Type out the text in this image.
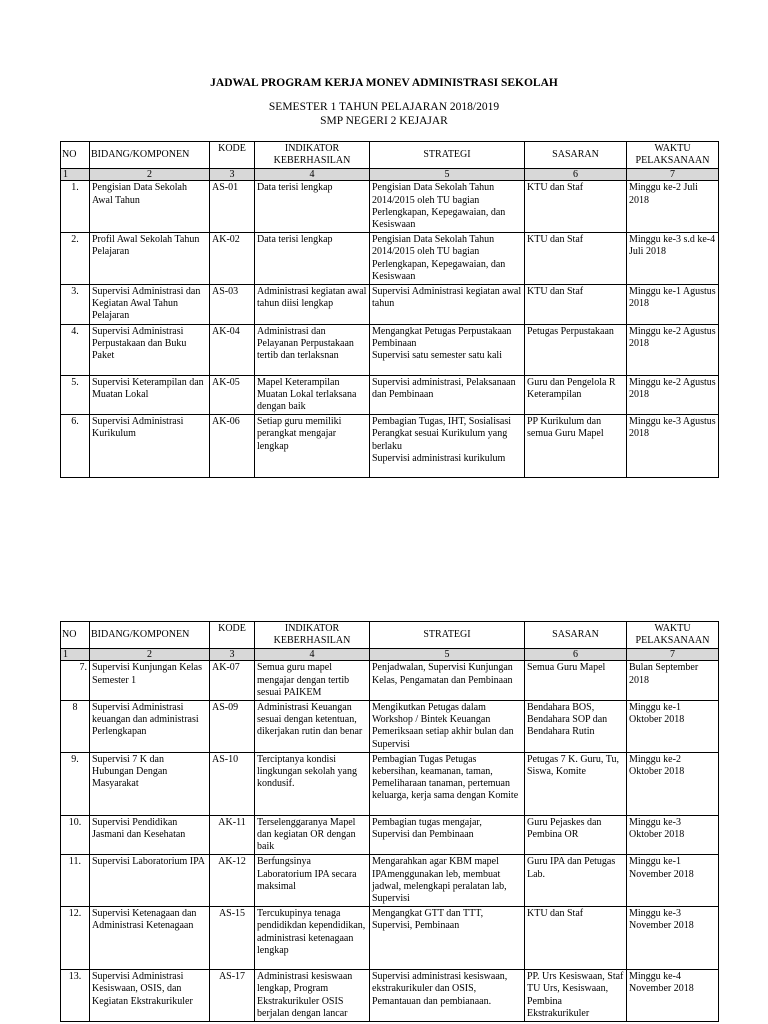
JADWAL PROGRAM KERJA MONEV ADMINISTRASI SEKOLAH
SEMESTER 1 TAHUN PELAJARAN 2018/2019
SMP NEGERI 2 KEJAJAR
NO	BIDANG/KOMPONEN	KODE	INDIKATOR KEBERHASILAN	STRATEGI	SASARAN	WAKTU PELAKSANAAN
1	2	3	4	5	6	7
1.	Pengisian Data Sekolah Awal Tahun	AS-01	Data terisi lengkap	Pengisian Data Sekolah Tahun 2014/2015 oleh TU bagian Perlengkapan, Kepegawaian, dan Kesiswaan	KTU dan Staf	Minggu ke-2 Juli 2018
2.	Profil Awal Sekolah Tahun Pelajaran	AK-02	Data terisi lengkap	Pengisian Data Sekolah Tahun 2014/2015 oleh TU bagian Perlengkapan, Kepegawaian, dan Kesiswaan	KTU dan Staf	Minggu ke-3 s.d ke-4 Juli 2018
3.	Supervisi Administrasi dan Kegiatan Awal Tahun Pelajaran	AS-03	Administrasi kegiatan awal tahun diisi lengkap	Supervisi Administrasi kegiatan awal tahun	KTU dan Staf	Minggu ke-1 Agustus 2018
4.	Supervisi Administrasi Perpustakaan dan Buku Paket	AK-04	Administrasi dan Pelayanan Perpustakaan tertib dan terlaksnan	Mengangkat Petugas Perpustakaan
Pembinaan
Supervisi satu semester satu kali	Petugas Perpustakaan	Minggu ke-2 Agustus 2018
5.	Supervisi Keterampilan dan Muatan Lokal	AK-05	Mapel Keterampilan Muatan Lokal terlaksana dengan baik	Supervisi administrasi, Pelaksanaan dan Pembinaan	Guru dan Pengelola R Keterampilan	Minggu ke-2 Agustus 2018
6.	Supervisi Administrasi Kurikulum	AK-06	Setiap guru memiliki perangkat mengajar lengkap	Pembagian Tugas, IHT, Sosialisasi Perangkat sesuai Kurikulum yang berlaku
Supervisi administrasi kurikulum	PP Kurikulum dan semua Guru Mapel	Minggu ke-3 Agustus 2018
NO	BIDANG/KOMPONEN	KODE	INDIKATOR KEBERHASILAN	STRATEGI	SASARAN	WAKTU PELAKSANAAN
1	2	3	4	5	6	7
7.	Supervisi Kunjungan Kelas Semester 1	AK-07	Semua guru mapel mengajar dengan tertib sesuai PAIKEM	Penjadwalan, Supervisi Kunjungan Kelas, Pengamatan dan Pembinaan	Semua Guru Mapel	Bulan September 2018
8	Supervisi Administrasi keuangan dan administrasi Perlengkapan	AS-09	Administrasi Keuangan sesuai dengan ketentuan, dikerjakan rutin dan benar	Mengikutkan Petugas dalam Workshop / Bintek Keuangan
Pemeriksaan setiap akhir bulan dan Supervisi	Bendahara BOS, Bendahara SOP dan Bendahara Rutin	Minggu ke-1 Oktober 2018
9.	Supervisi 7 K dan Hubungan Dengan Masyarakat	AS-10	Terciptanya kondisi lingkungan sekolah yang kondusif.	Pembagian Tugas Petugas kebersihan, keamanan, taman, Pemeliharaan tanaman, pertemuan keluarga, kerja sama dengan Komite	Petugas 7 K. Guru, Tu, Siswa, Komite	Minggu ke-2 Oktober 2018
10.	Supervisi Pendidikan Jasmani dan Kesehatan	AK-11	Terselenggaranya Mapel dan kegiatan OR dengan baik	Pembagian tugas mengajar, Supervisi dan Pembinaan	Guru Pejaskes dan Pembina OR	Minggu ke-3 Oktober 2018
11.	Supervisi Laboratorium IPA	AK-12	Berfungsinya Laboratorium IPA secara maksimal	Mengarahkan agar KBM mapel IPAmenggunakan leb, membuat jadwal, melengkapi peralatan lab, Supervisi	Guru IPA dan Petugas Lab.	Minggu ke-1 November 2018
12.	Supervisi Ketenagaan dan Administrasi Ketenagaan	AS-15	Tercukupinya tenaga pendidikdan kependidikan, administrasi ketenagaan lengkap	Mengangkat GTT dan TTT, Supervisi, Pembinaan	KTU dan Staf	Minggu ke-3 November 2018
13.	Supervisi Administrasi Kesiswaan, OSIS, dan Kegiatan Ekstrakurikuler	AS-17	Administrasi kesiswaan lengkap, Program Ekstrakurikuler OSIS berjalan dengan lancar	Supervisi administrasi kesiswaan, ekstrakurikuler dan OSIS, Pemantauan dan pembianaan.	PP. Urs Kesiswaan, Staf TU Urs, Kesiswaan, Pembina Ekstrakurikuler	Minggu ke-4 November 2018
